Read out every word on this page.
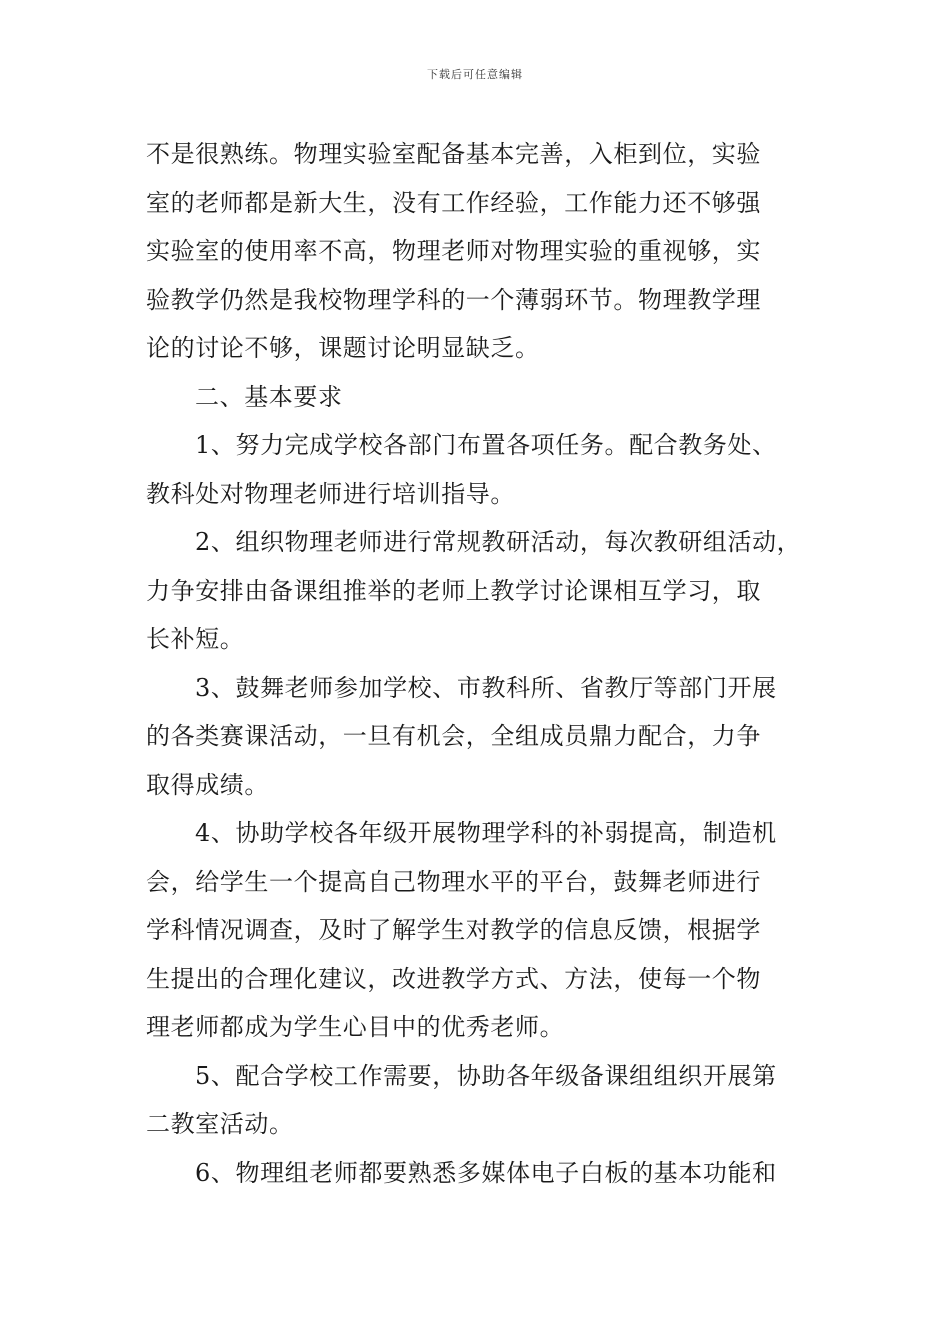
下载后可任意编辑
不是很熟练。物理实验室配备基本完善，入柜到位，实验
室的老师都是新大生，没有工作经验，工作能力还不够强
实验室的使用率不高，物理老师对物理实验的重视够，实
验教学仍然是我校物理学科的一个薄弱环节。物理教学理
论的讨论不够，课题讨论明显缺乏。
二、基本要求
1、努力完成学校各部门布置各项任务。配合教务处、
教科处对物理老师进行培训指导。
2、组织物理老师进行常规教研活动，每次教研组活动，
力争安排由备课组推举的老师上教学讨论课相互学习，取
长补短。
3、鼓舞老师参加学校、市教科所、省教厅等部门开展
的各类赛课活动，一旦有机会，全组成员鼎力配合，力争
取得成绩。
4、协助学校各年级开展物理学科的补弱提高，制造机
会，给学生一个提高自己物理水平的平台，鼓舞老师进行
学科情况调查，及时了解学生对教学的信息反馈，根据学
生提出的合理化建议，改进教学方式、方法，使每一个物
理老师都成为学生心目中的优秀老师。
5、配合学校工作需要，协助各年级备课组组织开展第
二教室活动。
6、物理组老师都要熟悉多媒体电子白板的基本功能和
